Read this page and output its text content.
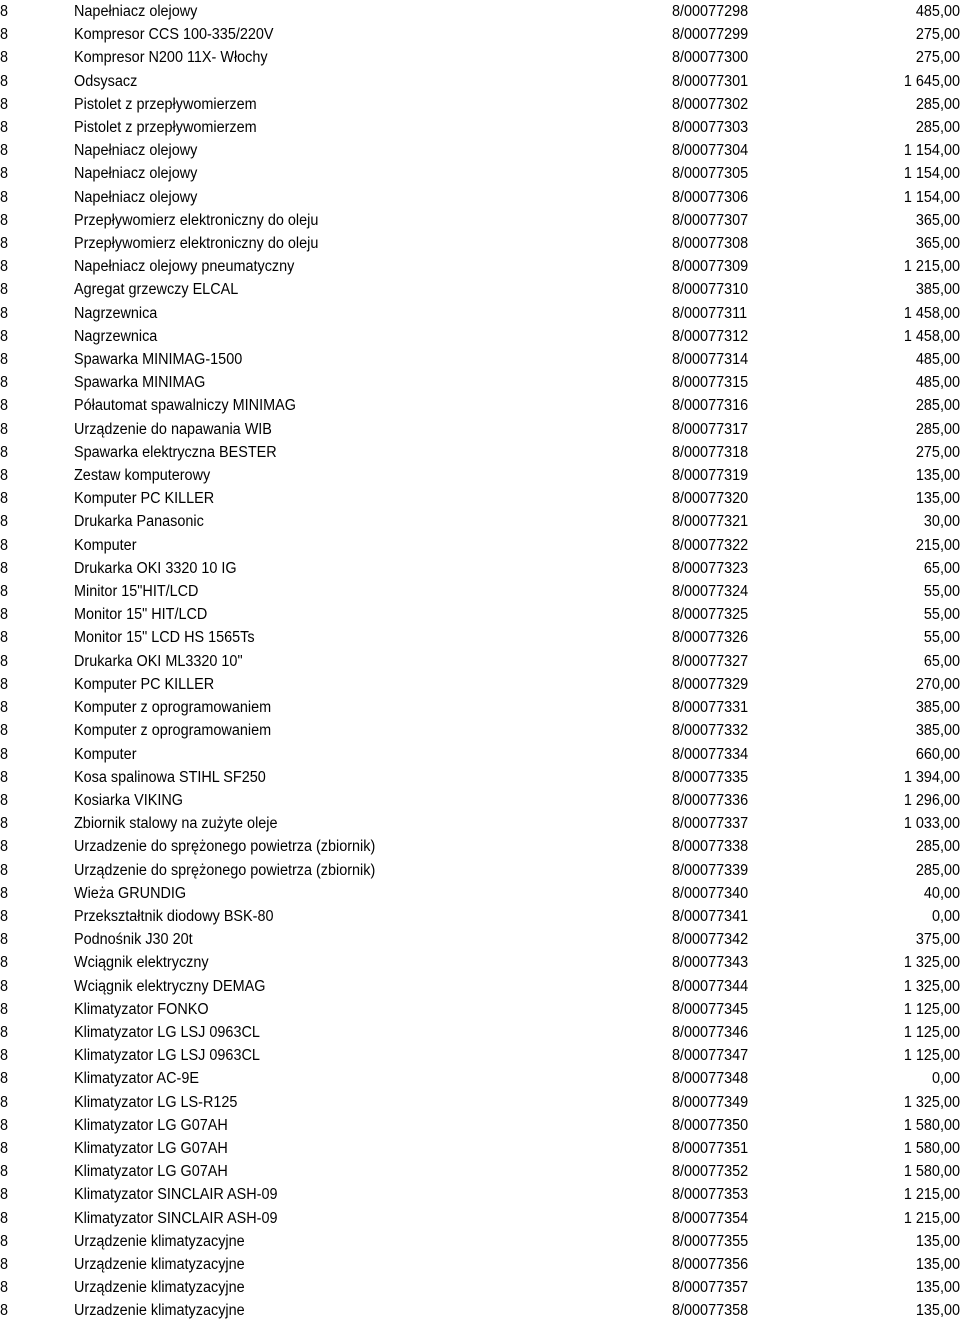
8	Napełniacz olejowy	8/00077298	485,00
8	Kompresor CCS 100-335/220V	8/00077299	275,00
8	Kompresor N200 11X- Włochy	8/00077300	275,00
8	Odsysacz	8/00077301	1 645,00
8	Pistolet z przepływomierzem	8/00077302	285,00
8	Pistolet z przepływomierzem	8/00077303	285,00
8	Napełniacz olejowy	8/00077304	1 154,00
8	Napełniacz olejowy	8/00077305	1 154,00
8	Napełniacz olejowy	8/00077306	1 154,00
8	Przepływomierz elektroniczny do oleju	8/00077307	365,00
8	Przepływomierz elektroniczny do oleju	8/00077308	365,00
8	Napełniacz olejowy pneumatyczny	8/00077309	1 215,00
8	Agregat grzewczy ELCAL	8/00077310	385,00
8	Nagrzewnica	8/00077311	1 458,00
8	Nagrzewnica	8/00077312	1 458,00
8	Spawarka MINIMAG-1500	8/00077314	485,00
8	Spawarka MINIMAG	8/00077315	485,00
8	Półautomat spawalniczy MINIMAG	8/00077316	285,00
8	Urządzenie do napawania WIB	8/00077317	285,00
8	Spawarka elektryczna BESTER	8/00077318	275,00
8	Zestaw komputerowy	8/00077319	135,00
8	Komputer PC KILLER	8/00077320	135,00
8	Drukarka Panasonic	8/00077321	30,00
8	Komputer	8/00077322	215,00
8	Drukarka OKI 3320 10 IG	8/00077323	65,00
8	Minitor 15"HIT/LCD	8/00077324	55,00
8	Monitor 15" HIT/LCD	8/00077325	55,00
8	Monitor 15" LCD HS 1565Ts	8/00077326	55,00
8	Drukarka OKI ML3320 10"	8/00077327	65,00
8	Komputer PC KILLER	8/00077329	270,00
8	Komputer z oprogramowaniem	8/00077331	385,00
8	Komputer z oprogramowaniem	8/00077332	385,00
8	Komputer	8/00077334	660,00
8	Kosa spalinowa STIHL SF250	8/00077335	1 394,00
8	Kosiarka VIKING	8/00077336	1 296,00
8	Zbiornik stalowy na zużyte oleje	8/00077337	1 033,00
8	Urzadzenie do sprężonego powietrza (zbiornik)	8/00077338	285,00
8	Urządzenie do sprężonego powietrza (zbiornik)	8/00077339	285,00
8	Wieża GRUNDIG	8/00077340	40,00
8	Przekształtnik diodowy BSK-80	8/00077341	0,00
8	Podnośnik J30 20t	8/00077342	375,00
8	Wciągnik elektryczny	8/00077343	1 325,00
8	Wciągnik elektryczny DEMAG	8/00077344	1 325,00
8	Klimatyzator FONKO	8/00077345	1 125,00
8	Klimatyzator LG LSJ 0963CL	8/00077346	1 125,00
8	Klimatyzator LG LSJ 0963CL	8/00077347	1 125,00
8	Klimatyzator AC-9E	8/00077348	0,00
8	Klimatyzator LG LS-R125	8/00077349	1 325,00
8	Klimatyzator LG G07AH	8/00077350	1 580,00
8	Klimatyzator LG G07AH	8/00077351	1 580,00
8	Klimatyzator LG G07AH	8/00077352	1 580,00
8	Klimatyzator SINCLAIR ASH-09	8/00077353	1 215,00
8	Klimatyzator SINCLAIR ASH-09	8/00077354	1 215,00
8	Urządzenie klimatyzacyjne	8/00077355	135,00
8	Urządzenie klimatyzacyjne	8/00077356	135,00
8	Urządzenie klimatyzacyjne	8/00077357	135,00
8	Urzadzenie klimatyzacyjne	8/00077358	135,00
